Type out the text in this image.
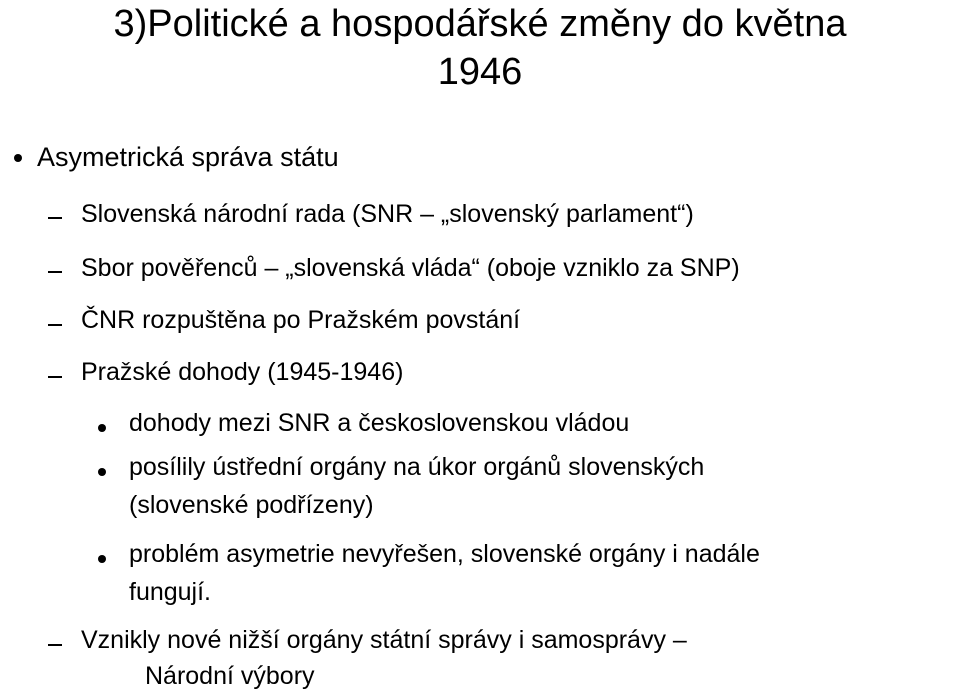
3)Politické a hospodářské změny do května
1946
Asymetrická správa státu
Slovenská národní rada (SNR – „slovenský parlament“)
Sbor pověřenců – „slovenská vláda“ (oboje vzniklo za SNP)
ČNR rozpuštěna po Pražském povstání
Pražské dohody (1945-1946)
dohody mezi SNR a československou vládou
posílily ústřední orgány na úkor orgánů slovenských
(slovenské podřízeny)
problém asymetrie nevyřešen, slovenské orgány i nadále
fungují.
Vznikly nové nižší orgány státní správy i samosprávy –
Národní výbory
